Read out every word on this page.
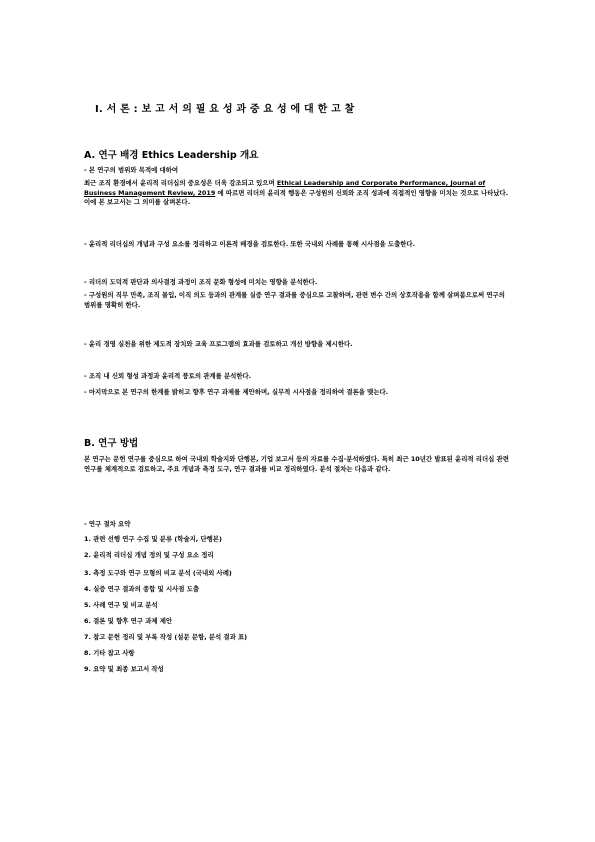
Ⅰ. 서 론 : 보 고 서 의 필 요 성 과 중 요 성 에 대 한 고 찰
A. 연구 배경 Ethics Leadership 개요

- 본 연구의 범위와 목적에 대하여

최근 조직 환경에서 윤리적 리더십의 중요성은 더욱 강조되고 있으며 Ethical Leadership and Corporate Performance, Journal of Business Management Review, 2019 에 따르면 리더의 윤리적 행동은 구성원의 신뢰와 조직 성과에 직접적인 영향을 미치는 것으로 나타났다. 이에 본 보고서는 그 의미를 살펴본다.

- 윤리적 리더십의 개념과 구성 요소를 정리하고 이론적 배경을 검토한다. 또한 국내외 사례를 통해 시사점을 도출한다.

- 리더의 도덕적 판단과 의사결정 과정이 조직 문화 형성에 미치는 영향을 분석한다.

- 구성원의 직무 만족, 조직 몰입, 이직 의도 등과의 관계를 실증 연구 결과를 중심으로 고찰하며, 관련 변수 간의 상호작용을 함께 살펴봄으로써 연구의 범위를 명확히 한다.

- 윤리 경영 실천을 위한 제도적 장치와 교육 프로그램의 효과를 검토하고 개선 방향을 제시한다.

- 조직 내 신뢰 형성 과정과 윤리적 풍토의 관계를 분석한다.

- 마지막으로 본 연구의 한계를 밝히고 향후 연구 과제를 제안하며, 실무적 시사점을 정리하여 결론을 맺는다.

B. 연구 방법

본 연구는 문헌 연구를 중심으로 하여 국내외 학술지와 단행본, 기업 보고서 등의 자료를 수집·분석하였다. 특히 최근 10년간 발표된 윤리적 리더십 관련 연구를 체계적으로 검토하고, 주요 개념과 측정 도구, 연구 결과를 비교 정리하였다. 분석 절차는 다음과 같다.

- 연구 절차 요약

1. 관련 선행 연구 수집 및 분류 (학술지, 단행본)

2. 윤리적 리더십 개념 정의 및 구성 요소 정리

3. 측정 도구와 연구 모형의 비교 분석 (국내외 사례)

4. 실증 연구 결과의 종합 및 시사점 도출

5. 사례 연구 및 비교 분석

6. 결론 및 향후 연구 과제 제안

7. 참고 문헌 정리 및 부록 작성 (설문 문항, 분석 결과 표)

8. 기타 참고 사항

9. 요약 및 최종 보고서 작성
